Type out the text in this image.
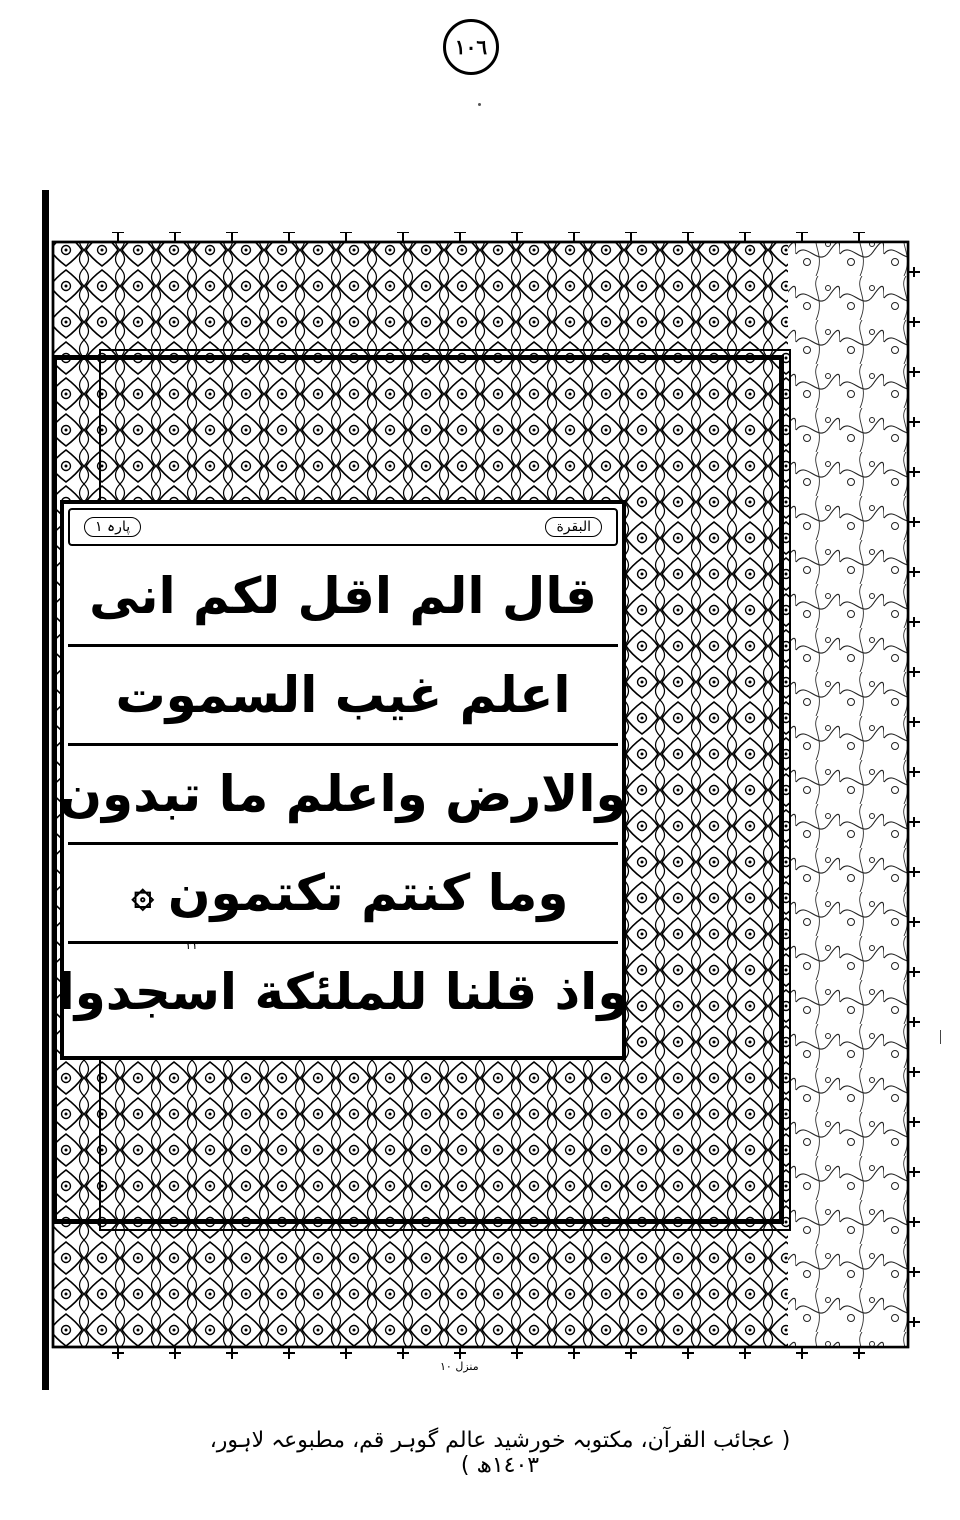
١٠٦
پارہ ١	البقرة
قال الم اقل لكم انى
اعلم غيب السموت
والارض واعلم ما تبدون
وما كنتم تكتمون
۞
٣٣
واذ قلنا للملئكة اسجدوا
منزل ١٠
( عجائب القرآن، مکتوبہ خورشید عالم گوہر قم، مطبوعہ لاہور، ١٤٠٣ھ )
